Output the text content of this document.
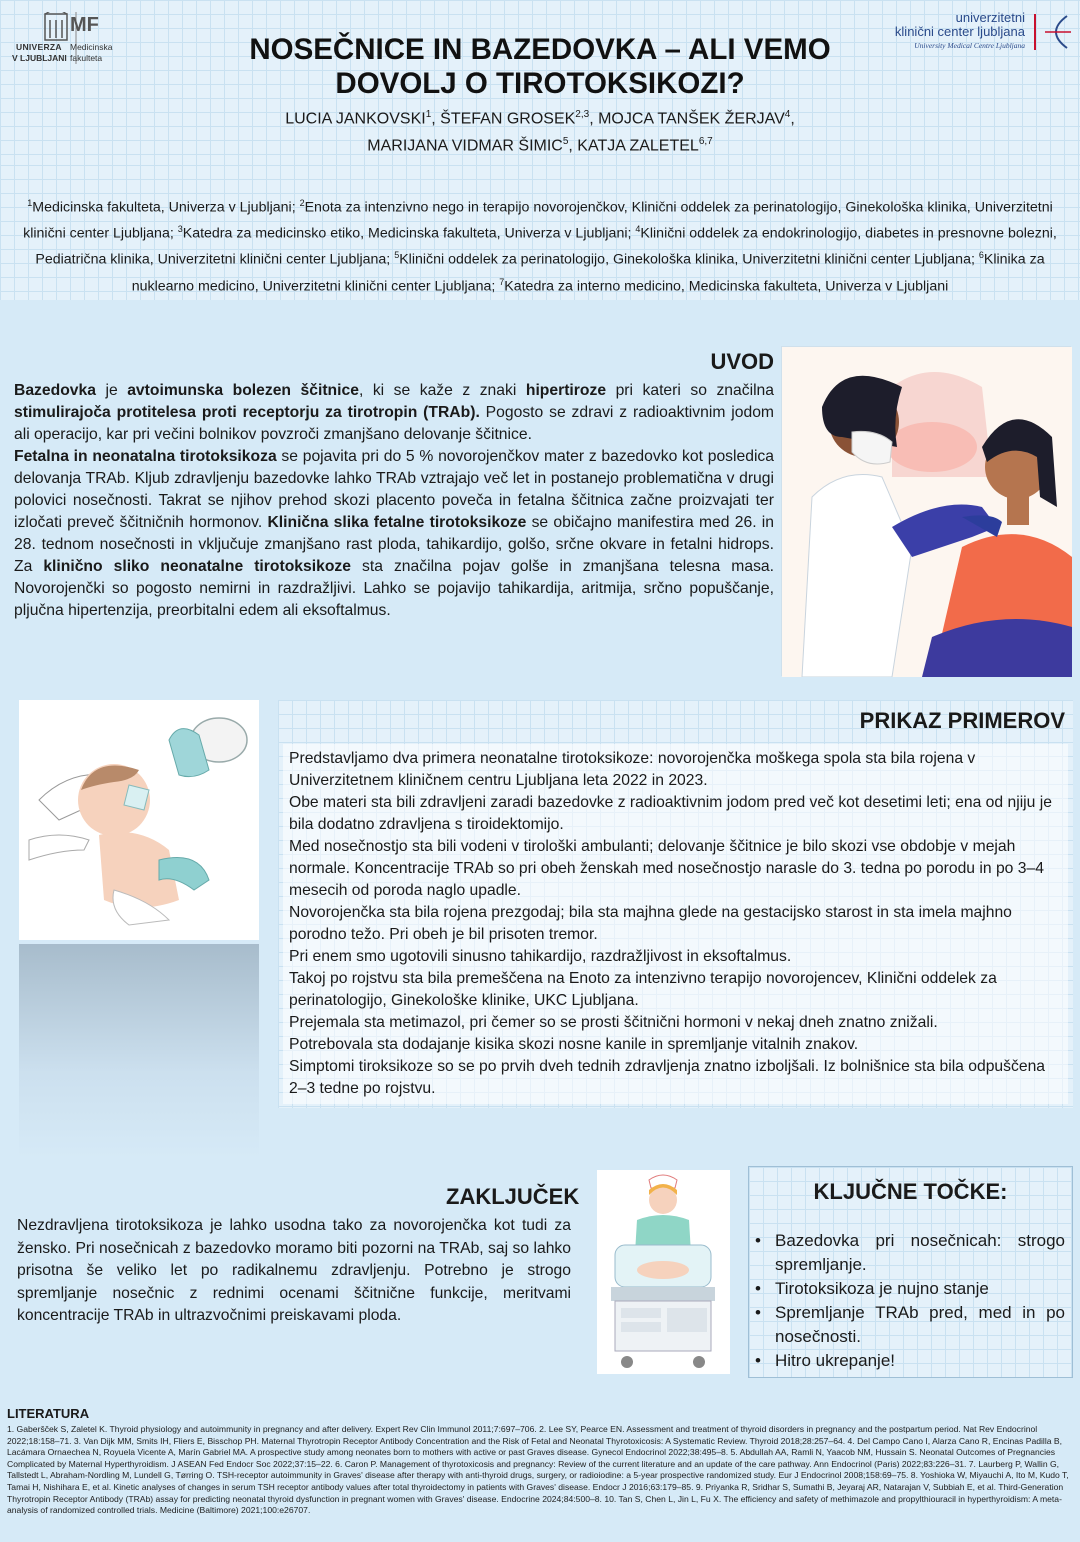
MF
UNIVERZA
V LJUBLJANI
Medicinska
fakulteta
univerzitetni
klinični center ljubljana
University Medical Centre Ljubljana
NOSEČNICE IN BAZEDOVKA – ALI VEMO
DOVOLJ O TIROTOKSIKOZI?
LUCIA JANKOVSKI$^1$, ŠTEFAN GROSEK$^{2,3}$, MOJCA TANŠEK ŽERJAV$^4$,
MARIJANA VIDMAR ŠIMIC$^5$, KATJA ZALETEL$^{6,7}$
$^1$Medicinska fakulteta, Univerza v Ljubljani; $^2$Enota za intenzivno nego in terapijo novorojenčkov, Klinični oddelek za perinatologijo, Ginekološka klinika, Univerzitetni klinični center Ljubljana; $^3$Katedra za medicinsko etiko, Medicinska fakulteta, Univerza v Ljubljani; $^4$Klinični oddelek za endokrinologijo, diabetes in presnovne bolezni, Pediatrična klinika, Univerzitetni klinični center Ljubljana; $^5$Klinični oddelek za perinatologijo, Ginekološka klinika, Univerzitetni klinični center Ljubljana; $^6$Klinika za nuklearno medicino, Univerzitetni klinični center Ljubljana; $^7$Katedra za interno medicino, Medicinska fakulteta, Univerza v Ljubljani
UVOD

Bazedovka je avtoimunska bolezen ščitnice, ki se kaže z znaki hipertiroze pri kateri so značilna stimulirajoča protitelesa proti receptorju za tirotropin (TRAb). Pogosto se zdravi z radioaktivnim jodom ali operacijo, kar pri večini bolnikov povzroči zmanjšano delovanje ščitnice.

Fetalna in neonatalna tirotoksikoza se pojavita pri do 5 % novorojenčkov mater z bazedovko kot posledica delovanja TRAb. Kljub zdravljenju bazedovke lahko TRAb vztrajajo več let in postanejo problematična v drugi polovici nosečnosti. Takrat se njihov prehod skozi placento poveča in fetalna ščitnica začne proizvajati ter izločati preveč ščitničnih hormonov. Klinična slika fetalne tirotoksikoze se običajno manifestira med 26. in 28. tednom nosečnosti in vključuje zmanjšano rast ploda, tahikardijo, golšo, srčne okvare in fetalni hidrops. Za klinično sliko neonatalne tirotoksikoze sta značilna pojav golše in zmanjšana telesna masa. Novorojenčki so pogosto nemirni in razdražljivi. Lahko se pojavijo tahikardija, aritmija, srčno popuščanje, pljučna hipertenzija, preorbitalni edem ali eksoftalmus.

PRIKAZ PRIMEROV

Predstavljamo dva primera neonatalne tirotoksikoze: novorojenčka moškega spola sta bila rojena v Univerzitetnem kliničnem centru Ljubljana leta 2022 in 2023.

Obe materi sta bili zdravljeni zaradi bazedovke z radioaktivnim jodom pred več kot desetimi leti; ena od njiju je bila dodatno zdravljena s tiroidektomijo.

Med nosečnostjo sta bili vodeni v tirološki ambulanti; delovanje ščitnice je bilo skozi vse obdobje v mejah normale. Koncentracije TRAb so pri obeh ženskah med nosečnostjo narasle do 3. tedna po porodu in po 3–4 mesecih od poroda naglo upadle.

Novorojenčka sta bila rojena prezgodaj; bila sta majhna glede na gestacijsko starost in sta imela majhno porodno težo. Pri obeh je bil prisoten tremor.

Pri enem smo ugotovili sinusno tahikardijo, razdražljivost in eksoftalmus.

Takoj po rojstvu sta bila premeščena na Enoto za intenzivno terapijo novorojencev, Klinični oddelek za perinatologijo, Ginekološke klinike, UKC Ljubljana.

Prejemala sta metimazol, pri čemer so se prosti ščitnični hormoni v nekaj dneh znatno znižali.

Potrebovala sta dodajanje kisika skozi nosne kanile in spremljanje vitalnih znakov.

Simptomi tiroksikoze so se po prvih dveh tednih zdravljenja znatno izboljšali. Iz bolnišnice sta bila odpuščena 2–3 tedne po rojstvu.

ZAKLJUČEK
Nezdravljena tirotoksikoza je lahko usodna tako za novorojenčka kot tudi za žensko. Pri nosečnicah z bazedovko moramo biti pozorni na TRAb, saj so lahko prisotna še veliko let po radikalnemu zdravljenju. Potrebno je strogo spremljanje nosečnic z rednimi ocenami ščitnične funkcije, meritvami koncentracije TRAb in ultrazvočnimi preiskavami ploda.
KLJUČNE TOČKE:
• Bazedovka pri nosečnicah: strogo spremljanje.
• Tirotoksikoza je nujno stanje
• Spremljanje TRAb pred, med in po nosečnosti.
• Hitro ukrepanje!
LITERATURA
1. Gaberšček S, Zaletel K. Thyroid physiology and autoimmunity in pregnancy and after delivery. Expert Rev Clin Immunol 2011;7:697–706. 2. Lee SY, Pearce EN. Assessment and treatment of thyroid disorders in pregnancy and the postpartum period. Nat Rev Endocrinol 2022;18:158–71. 3. Van Dijk MM, Smits IH, Fliers E, Bisschop PH. Maternal Thyrotropin Receptor Antibody Concentration and the Risk of Fetal and Neonatal Thyrotoxicosis: A Systematic Review. Thyroid 2018;28:257–64. 4. Del Campo Cano I, Alarza Cano R, Encinas Padilla B, Lacámara Ornaechea N, Royuela Vicente A, Marín Gabriel MA. A prospective study among neonates born to mothers with active or past Graves disease. Gynecol Endocrinol 2022;38:495–8. 5. Abdullah AA, Ramli N, Yaacob NM, Hussain S. Neonatal Outcomes of Pregnancies Complicated by Maternal Hyperthyroidism. J ASEAN Fed Endocr Soc 2022;37:15–22. 6. Caron P. Management of thyrotoxicosis and pregnancy: Review of the current literature and an update of the care pathway. Ann Endocrinol (Paris) 2022;83:226–31. 7. Laurberg P, Wallin G, Tallstedt L, Abraham-Nordling M, Lundell G, Tørring O. TSH-receptor autoimmunity in Graves' disease after therapy with anti-thyroid drugs, surgery, or radioiodine: a 5-year prospective randomized study. Eur J Endocrinol 2008;158:69–75. 8. Yoshioka W, Miyauchi A, Ito M, Kudo T, Tamai H, Nishihara E, et al. Kinetic analyses of changes in serum TSH receptor antibody values after total thyroidectomy in patients with Graves' disease. Endocr J 2016;63:179–85. 9. Priyanka R, Sridhar S, Sumathi B, Jeyaraj AR, Natarajan V, Subbiah E, et al. Third-Generation Thyrotropin Receptor Antibody (TRAb) assay for predicting neonatal thyroid dysfunction in pregnant women with Graves' disease. Endocrine 2024;84:500–8. 10. Tan S, Chen L, Jin L, Fu X. The efficiency and safety of methimazole and propylthiouracil in hyperthyroidism: A meta-analysis of randomized controlled trials. Medicine (Baltimore) 2021;100:e26707.
